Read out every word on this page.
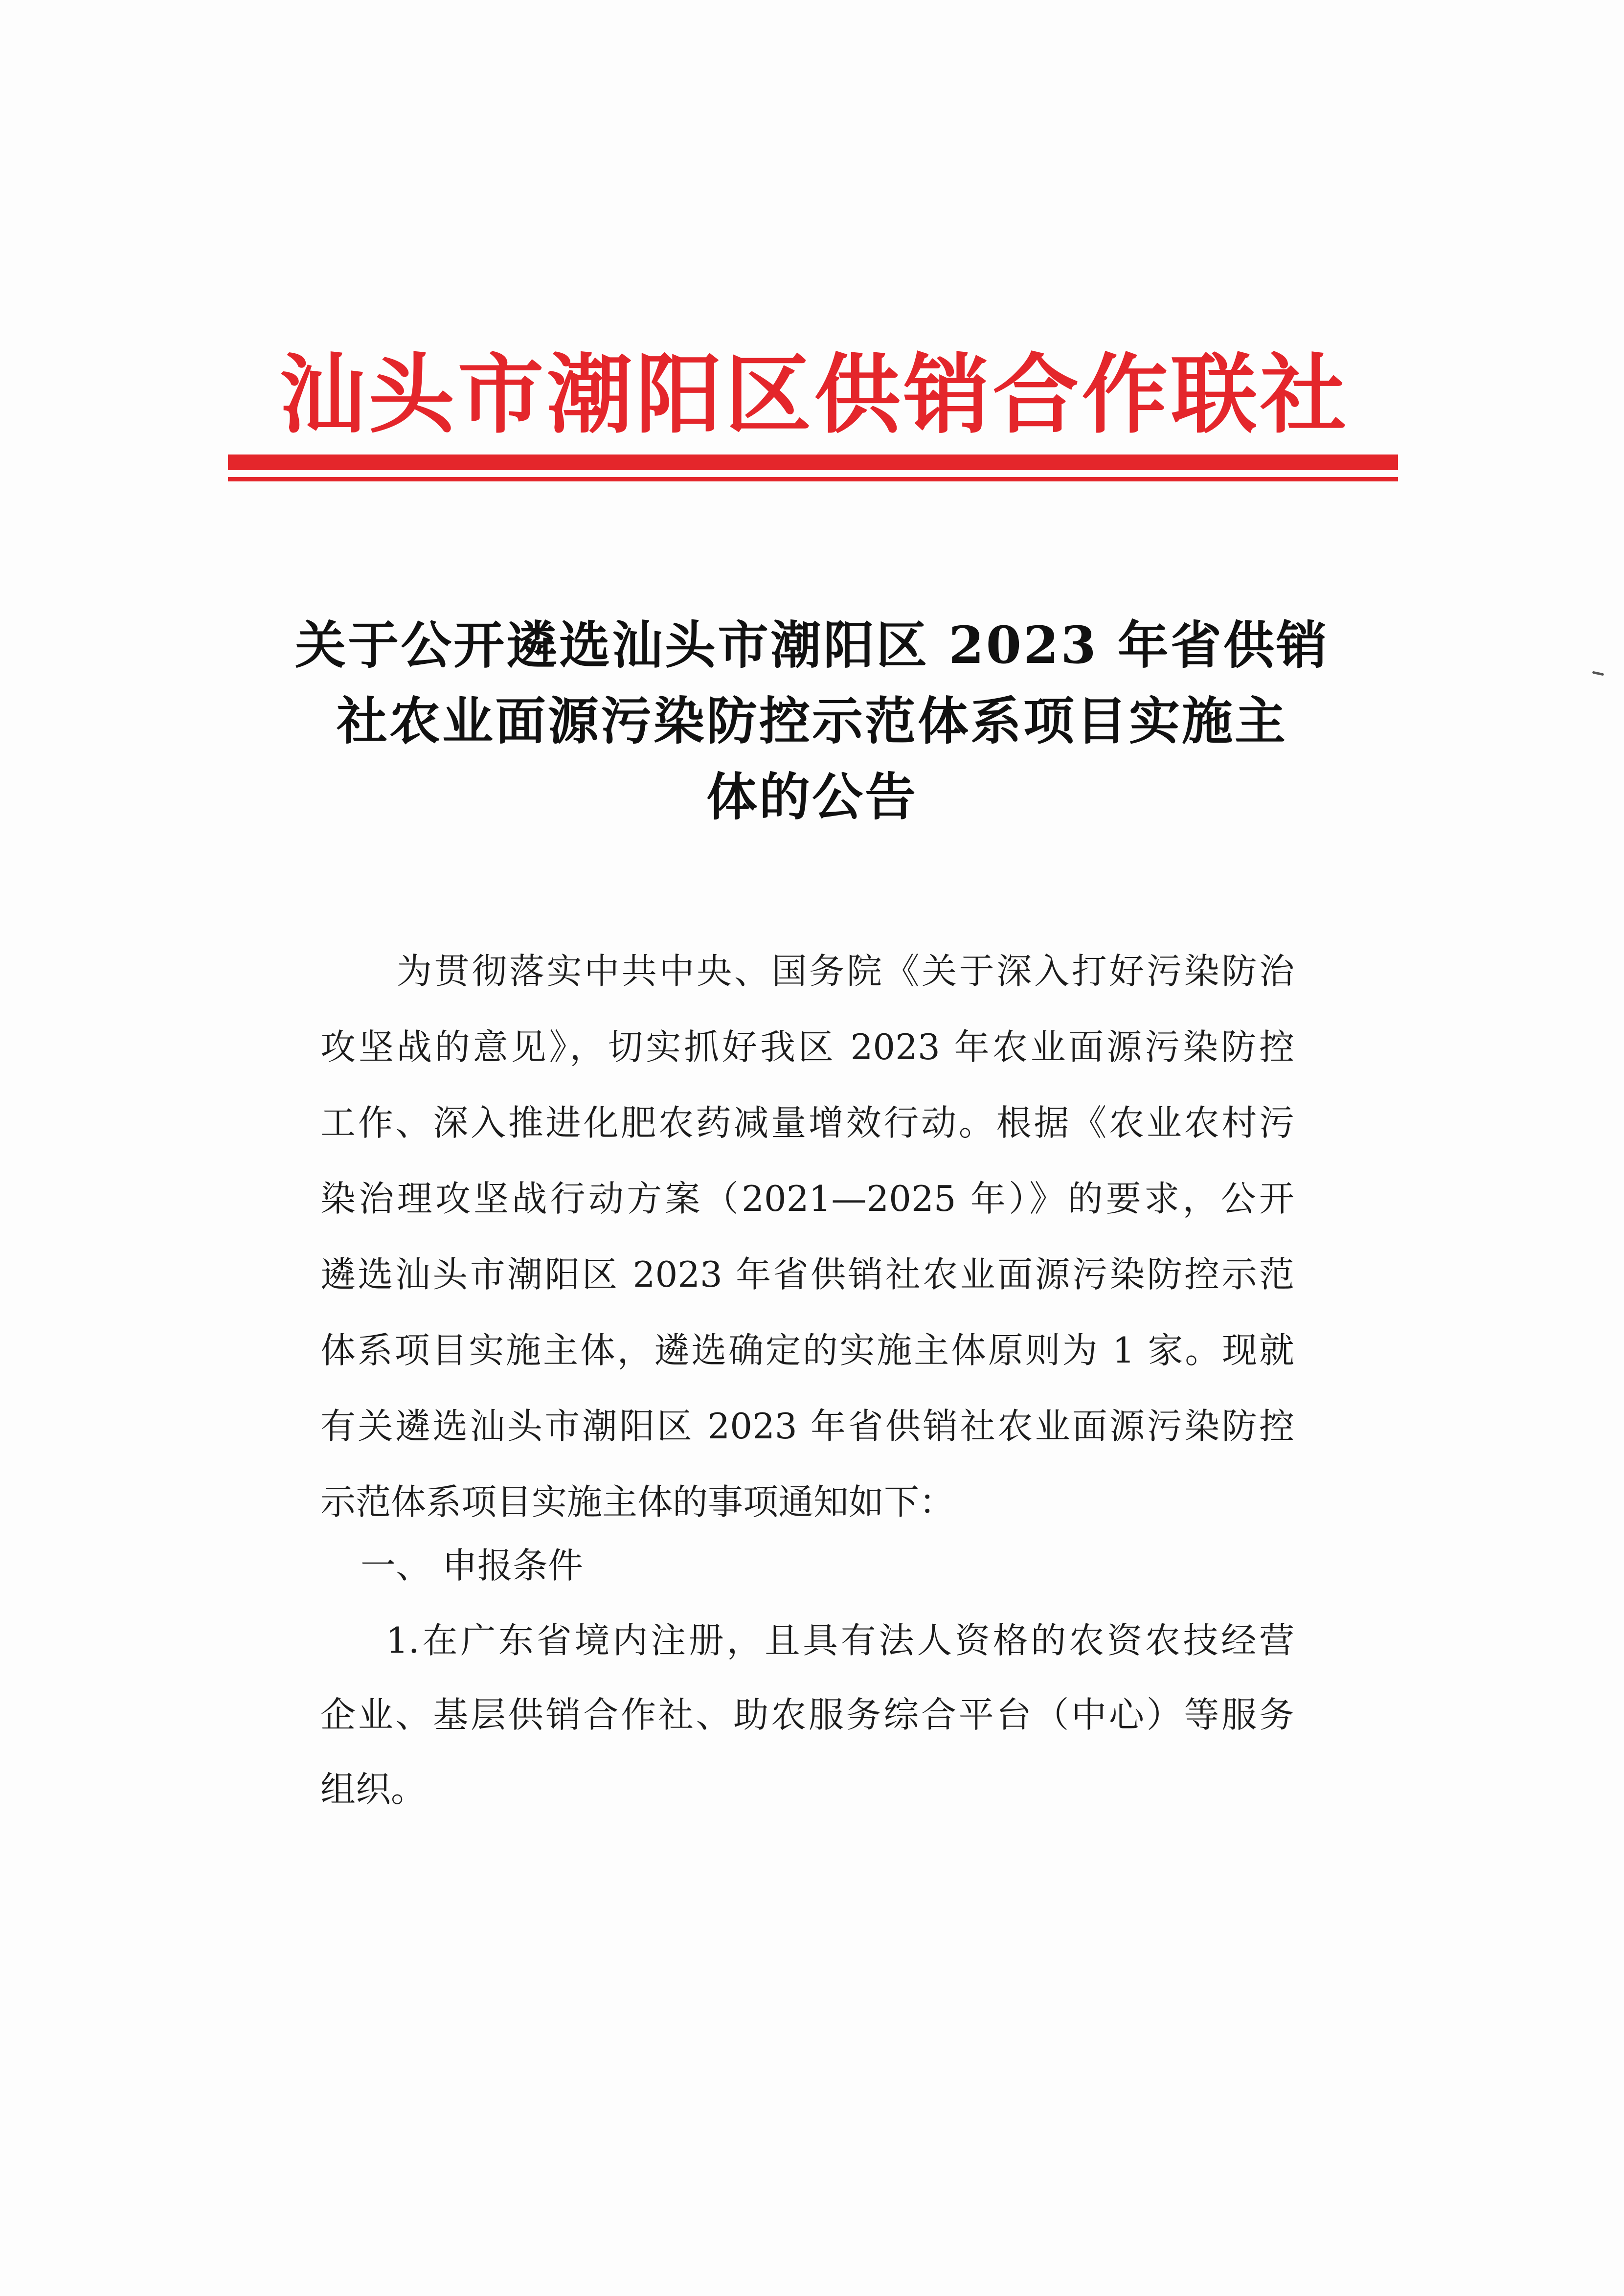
汕头市潮阳区供销合作联社
关于公开遴选汕头市潮阳区 2023 年省供销
社农业面源污染防控示范体系项目实施主
体的公告
为贯彻落实中共中央、国务院《关于深入打好污染防治
攻坚战的意见》，切实抓好我区 2023 年农业面源污染防控
工作、深入推进化肥农药减量增效行动。根据《农业农村污
染治理攻坚战行动方案（2021—2025 年）》的要求，公开
遴选汕头市潮阳区 2023 年省供销社农业面源污染防控示范
体系项目实施主体，遴选确定的实施主体原则为 1 家。现就
有关遴选汕头市潮阳区 2023 年省供销社农业面源污染防控
示范体系项目实施主体的事项通知如下：
一、 申报条件
1.在广东省境内注册，且具有法人资格的农资农技经营
企业、基层供销合作社、助农服务综合平台（中心）等服务
组织。
